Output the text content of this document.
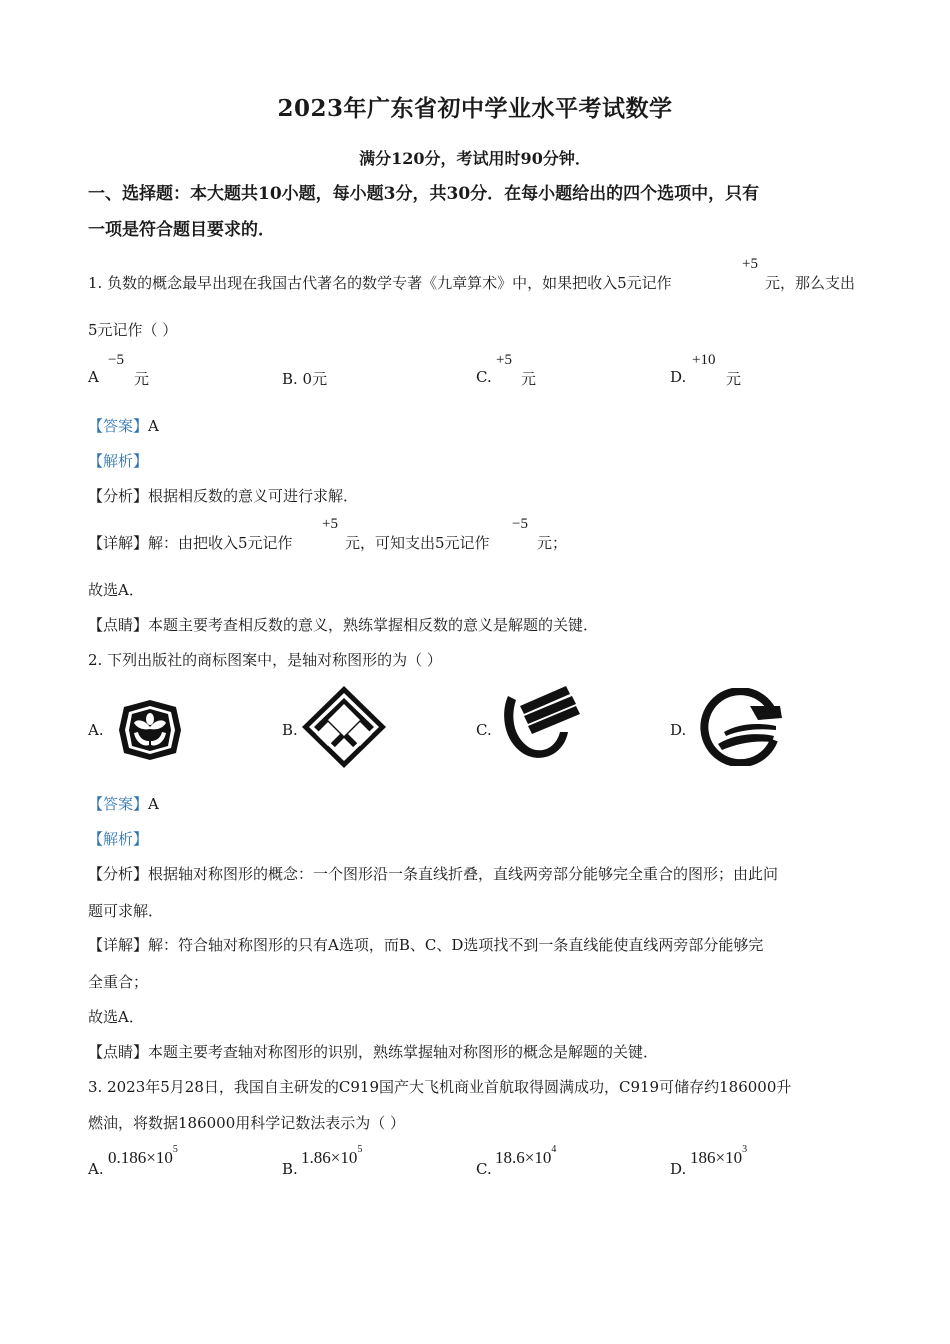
2023年广东省初中学业水平考试数学
满分120分，考试用时90分钟．
一、选择题：本大题共10小题，每小题3分，共30分．在每小题给出的四个选项中，只有
一项是符合题目要求的．
1. 负数的概念最早出现在我国古代著名的数学专著《九章算术》中，如果把收入5元记作
+5
元，那么支出
5元记作（ ）
A
−5
元	B. 0元	C.
+5
元	D.
+10
元
【答案】A
【解析】
【分析】根据相反数的意义可进行求解．
【详解】解：由把收入5元记作
+5
元，可知支出5元记作
−5
元；
故选A．
【点睛】本题主要考查相反数的意义，熟练掌握相反数的意义是解题的关键．
2. 下列出版社的商标图案中，是轴对称图形的为（ ）
A.	B.	C.	D.
【答案】A
【解析】
【分析】根据轴对称图形的概念：一个图形沿一条直线折叠，直线两旁部分能够完全重合的图形；由此问
题可求解．
【详解】解：符合轴对称图形的只有A选项，而B、C、D选项找不到一条直线能使直线两旁部分能够完
全重合；
故选A．
【点睛】本题主要考查轴对称图形的识别，熟练掌握轴对称图形的概念是解题的关键．
3. 2023年5月28日，我国自主研发的C919国产大飞机商业首航取得圆满成功，C919可储存约186000升
燃油，将数据186000用科学记数法表示为（ ）
A.
$0.186\times 10^5$
B.
$1.86\times 10^5$
C.
$18.6\times 10^4$
D.
$186\times 10^3$
